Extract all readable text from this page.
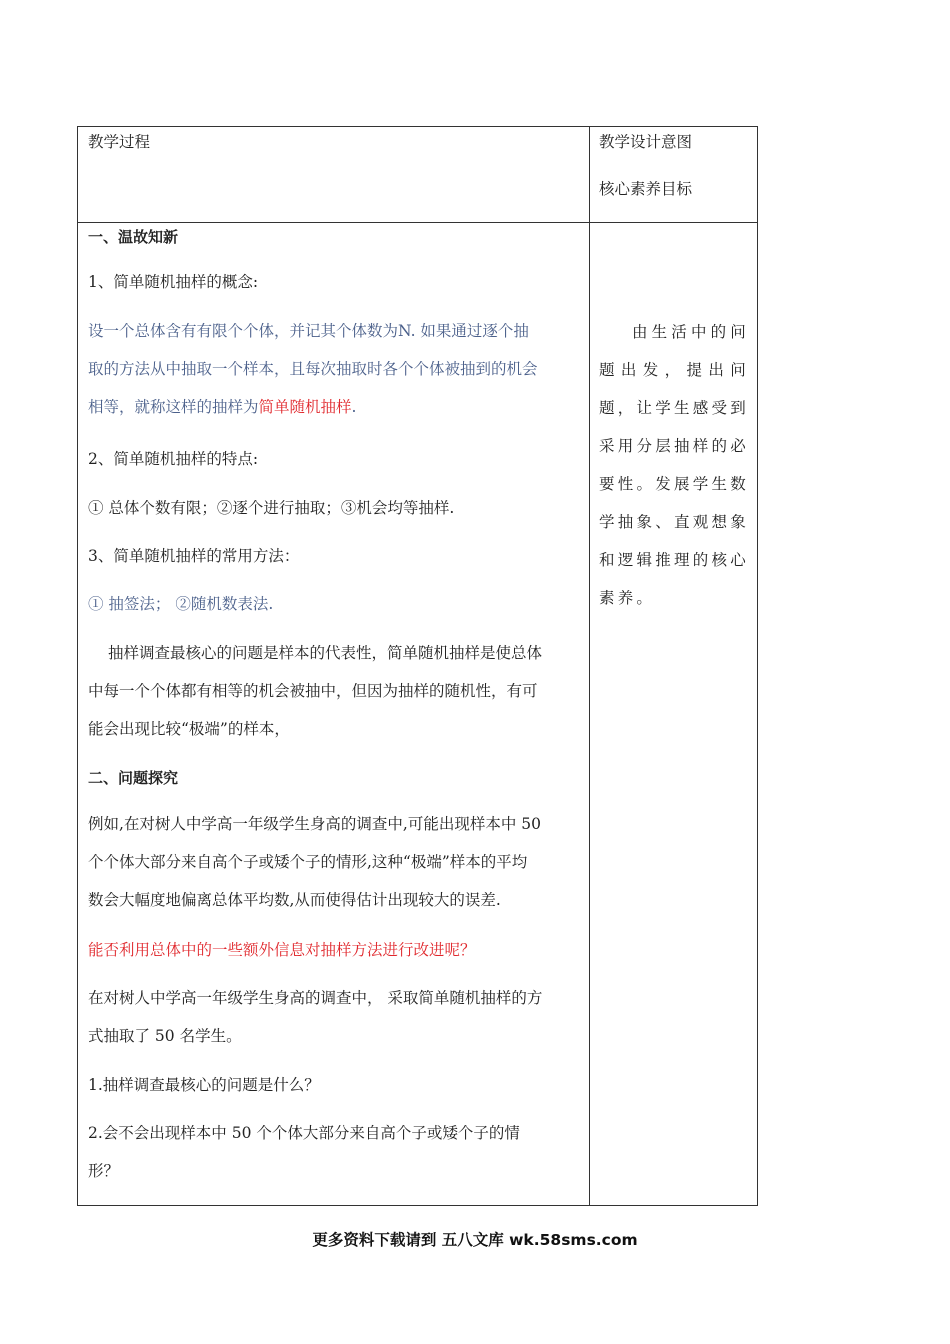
教学过程	教学设计意图
核心素养目标

一、温故知新

1、简单随机抽样的概念:

设一个总体含有有限个个体，并记其个体数为N. 如果通过逐个抽

取的方法从中抽取一个样本，且每次抽取时各个个体被抽到的机会

相等，就称这样的抽样为简单随机抽样.

2、简单随机抽样的特点:

① 总体个数有限；②逐个进行抽取；③机会均等抽样.

3、简单随机抽样的常用方法：

① 抽签法； ②随机数表法.

抽样调查最核心的问题是样本的代表性，简单随机抽样是使总体

中每一个个体都有相等的机会被抽中，但因为抽样的随机性，有可

能会出现比较“极端”的样本，

二、问题探究

例如,在对树人中学高一年级学生身高的调查中,可能出现样本中 50

个个体大部分来自高个子或矮个子的情形,这种“极端”样本的平均

数会大幅度地偏离总体平均数,从而使得估计出现较大的误差.

能否利用总体中的一些额外信息对抽样方法进行改进呢？

在对树人中学高一年级学生身高的调查中， 采取简单随机抽样的方

式抽取了 50 名学生。

1.抽样调查最核心的问题是什么？

2.会不会出现样本中 50 个个体大部分来自高个子或矮个子的情

形？

由生活中的问题出发，提出问题，让学生感受到采用分层抽样的必要性。发展学生数学抽象、直观想象和逻辑推理的核心素养。
更多资料下载请到 五八文库 wk.58sms.com
